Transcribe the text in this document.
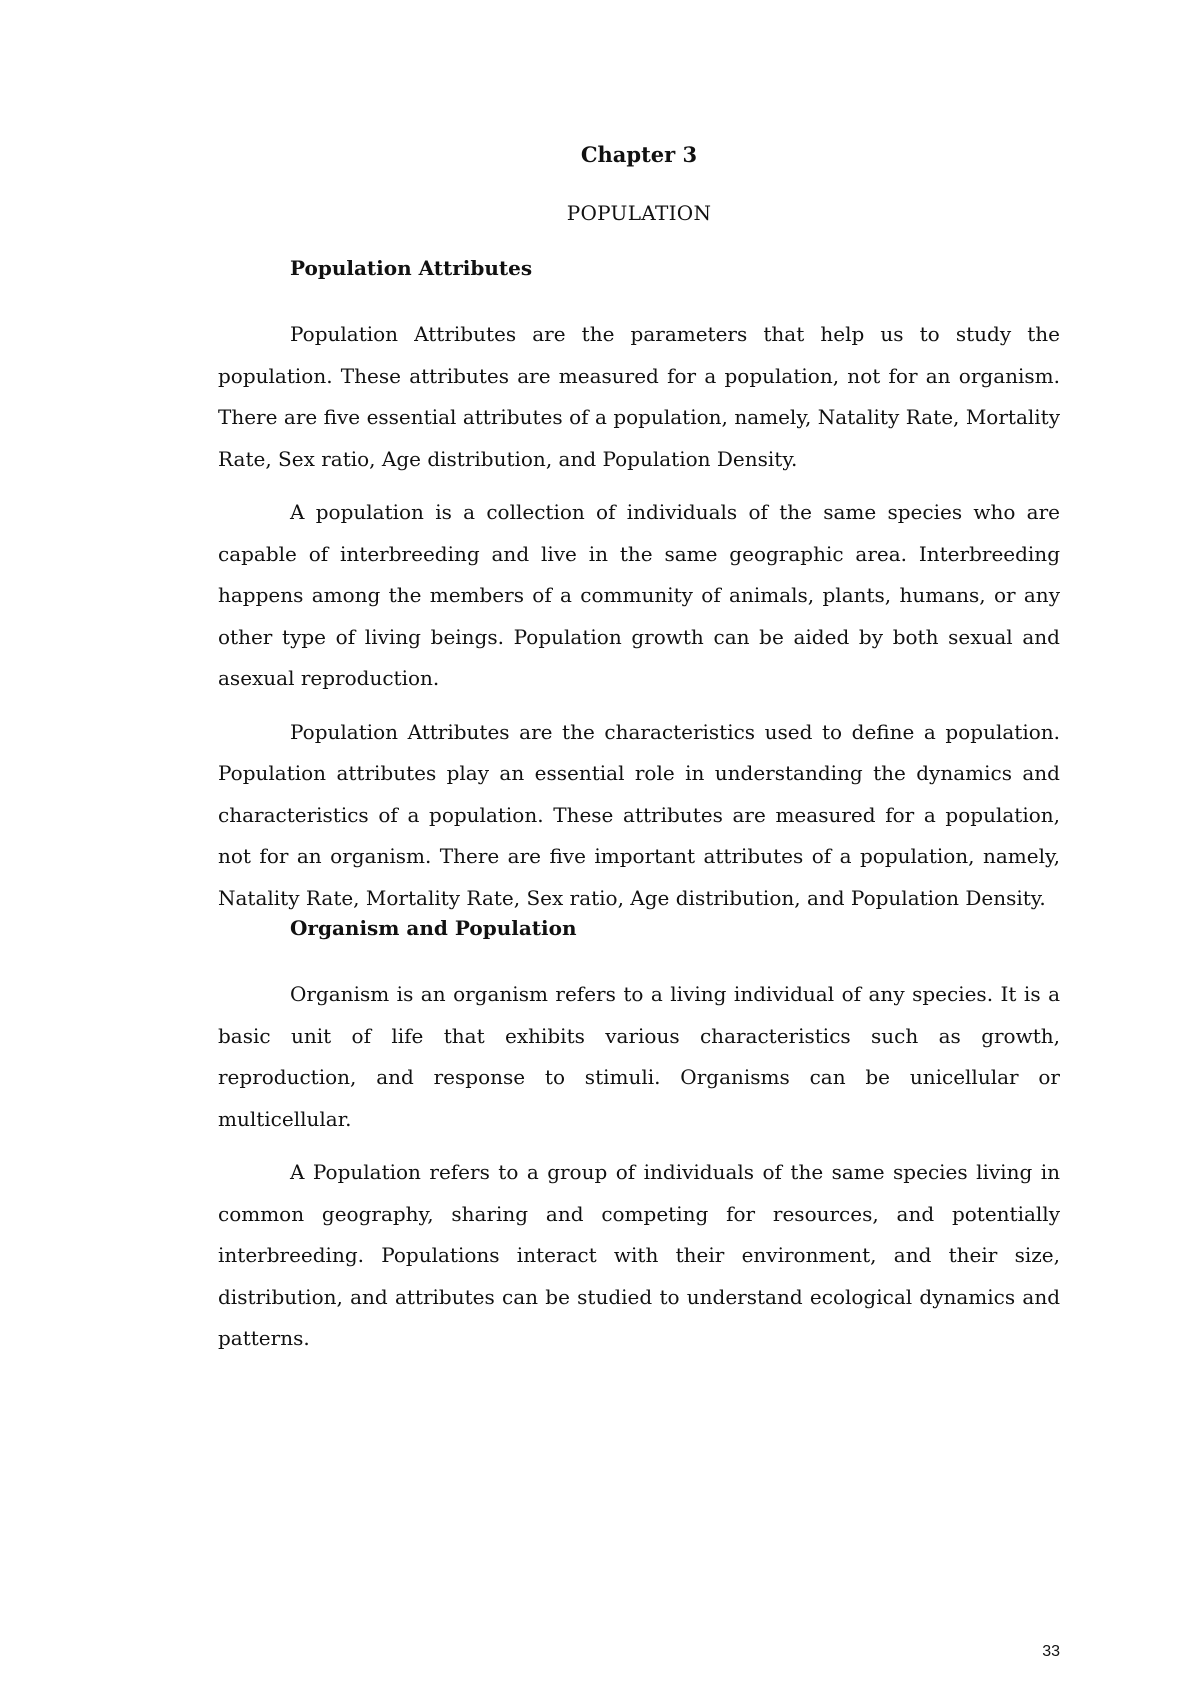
Chapter 3
POPULATION
Population Attributes

Population Attributes are the parameters that help us to study the population. These attributes are measured for a population, not for an organism. There are five essential attributes of a population, namely, Natality Rate, Mortality Rate, Sex ratio, Age distribution, and Population Density.

A population is a collection of individuals of the same species who are capable of interbreeding and live in the same geographic area. Interbreeding happens among the members of a community of animals, plants, humans, or any other type of living beings. Population growth can be aided by both sexual and asexual reproduction.

Population Attributes are the characteristics used to define a population. Population attributes play an essential role in understanding the dynamics and characteristics of a population. These attributes are measured for a population, not for an organism. There are five important attributes of a population, namely, Natality Rate, Mortality Rate, Sex ratio, Age distribution, and Population Density.

Organism and Population

Organism is an organism refers to a living individual of any species. It is a basic unit of life that exhibits various characteristics such as growth, reproduction, and response to stimuli. Organisms can be unicellular or multicellular.

A Population refers to a group of individuals of the same species living in common geography, sharing and competing for resources, and potentially interbreeding. Populations interact with their environment, and their size, distribution, and attributes can be studied to understand ecological dynamics and patterns.

33
